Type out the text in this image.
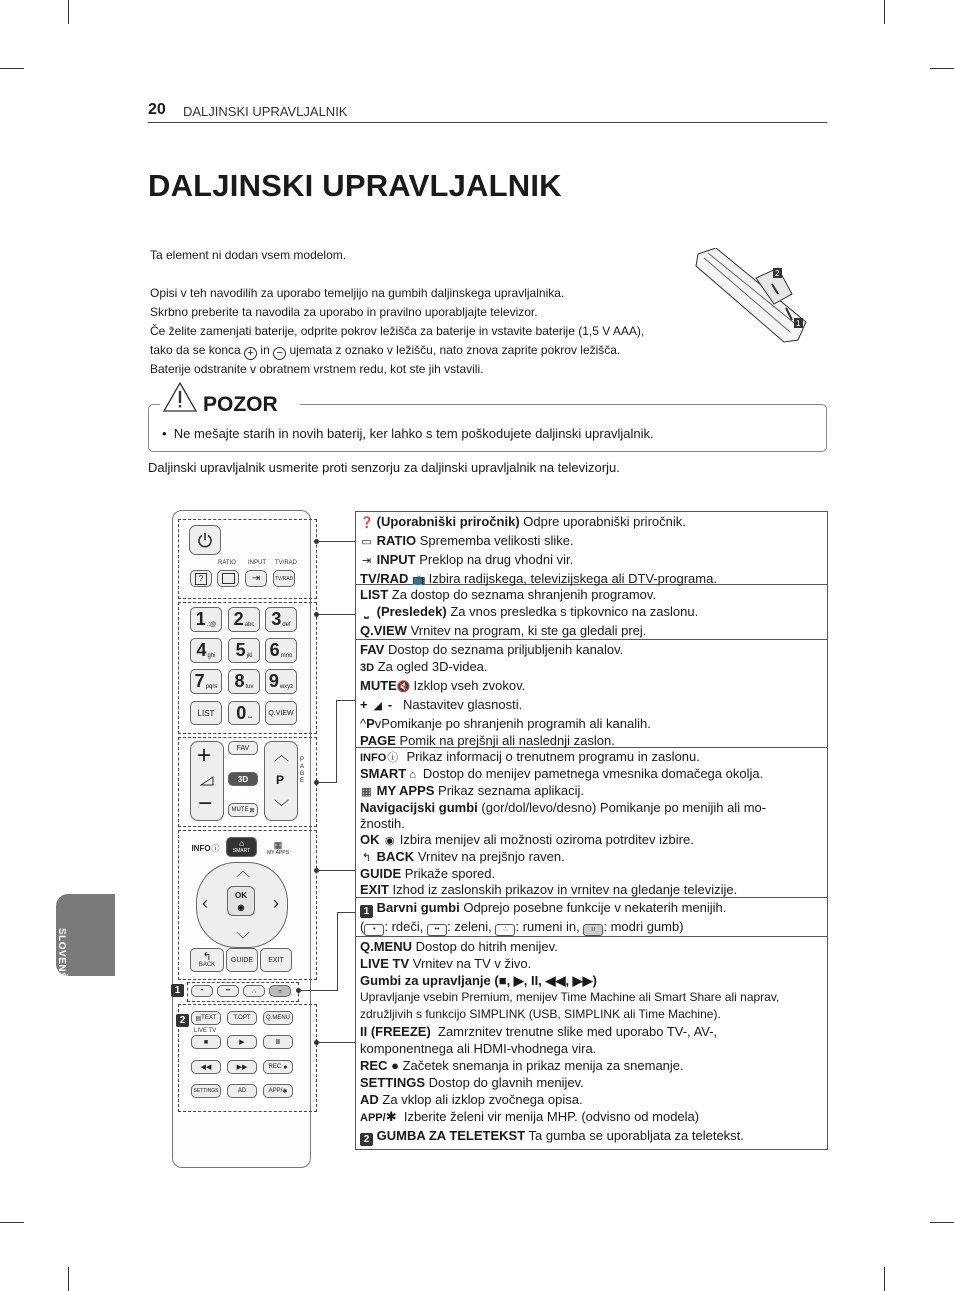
20 DALJINSKI UPRAVLJALNIK
DALJINSKI UPRAVLJALNIK
Ta element ni dodan vsem modelom.
Opisi v teh navodilih za uporabo temeljijo na gumbih daljinskega upravljalnika.
Skrbno preberite ta navodila za uporabo in pravilno uporabljajte televizor.
Če želite zamenjati baterije, odprite pokrov ležišča za baterije in vstavite baterije (1,5 V AAA),
tako da se konca + in − ujemata z oznako v ležišču, nato znova zaprite pokrov ležišča.
Baterije odstranite v obratnem vrstnem redu, kot ste jih vstavili.
2
1
POZOR
•  Ne mešajte starih in novih baterij, ker lahko s tem poškodujete daljinski upravljalnik.
Daljinski upravljalnik usmerite proti senzorju za daljinski upravljalnik na televizorju.
SLOVENŠČINA
RATIO INPUT TV/RAD
?	⇥	TV/RAD
1 .;@ 2 abc 3 def
4 ghi 5 jkl 6 mno
7 pqrs 8 tuv 9 wxyz
LIST 0 ⎵ Q.VIEW
+
−
FAV
3D
MUTE ⊠
︿
P
﹀
PAGE
INFO ⓘ ⌂
SMART
▦
MY APPS
︿
﹀
‹	›
OK
◉
↰
BACK
GUIDE EXIT
1	•	••	∴	⠶
2	▤ TEXT	T.OPT	Q.MENU
LIVE TV
■	▶	II
◀◀	▶▶	REC ●
SETTINGS	AD	APP/ ✱
❓ (Uporabniški priročnik) Odpre uporabniški priročnik.
▭ RATIO Sprememba velikosti slike.
⇥ INPUT Preklop na drug vhodni vir.
TV/RAD 📺 Izbira radijskega, televizijskega ali DTV-programa.
LIST Za dostop do seznama shranjenih programov.
⎵ (Presledek) Za vnos presledka s tipkovnico na zaslonu.
Q.VIEW Vrnitev na program, ki ste ga gledali prej.
FAV Dostop do seznama priljubljenih kanalov.
3D Za ogled 3D-videa.
MUTE🔇 Izklop vseh zvokov.
+ ◢ - Nastavitev glasnosti.
^PvPomikanje po shranjenih programih ali kanalih.
PAGE Pomik na prejšnji ali naslednji zaslon.
INFOⓘ Prikaz informacij o trenutnem programu in zaslonu.
SMART ⌂ Dostop do menijev pametnega vmesnika domačega okolja.
▦ MY APPS Prikaz seznama aplikacij.
Navigacijski gumbi (gor/dol/levo/desno) Pomikanje po menijih ali mo-
žnostih.
OK ◉ Izbira menijev ali možnosti oziroma potrditev izbire.
↰ BACK Vrnitev na prejšnjo raven.
GUIDE Prikaže spored.
EXIT Izhod iz zaslonskih prikazov in vrnitev na gledanje televizije.
1 Barvni gumbi Odprejo posebne funkcije v nekaterih menijih.
( • : rdeči, •• : zeleni, ∴ : rumeni in, ⠶ : modri gumb)
Q.MENU Dostop do hitrih menijev.
LIVE TV Vrnitev na TV v živo.
Gumbi za upravljanje (■, ▶, II, ◀◀, ▶▶)
Upravljanje vsebin Premium, menijev Time Machine ali Smart Share ali naprav,
združljivih s funkcijo SIMPLINK (USB, SIMPLINK ali Time Machine).
II (FREEZE) Zamrznitev trenutne slike med uporabo TV-, AV-,
komponentnega ali HDMI-vhodnega vira.
REC ● Začetek snemanja in prikaz menija za snemanje.
SETTINGS Dostop do glavnih menijev.
AD Za vklop ali izklop zvočnega opisa.
APP/✱ Izberite želeni vir menija MHP. (odvisno od modela)
2 GUMBA ZA TELETEKST Ta gumba se uporabljata za teletekst.
